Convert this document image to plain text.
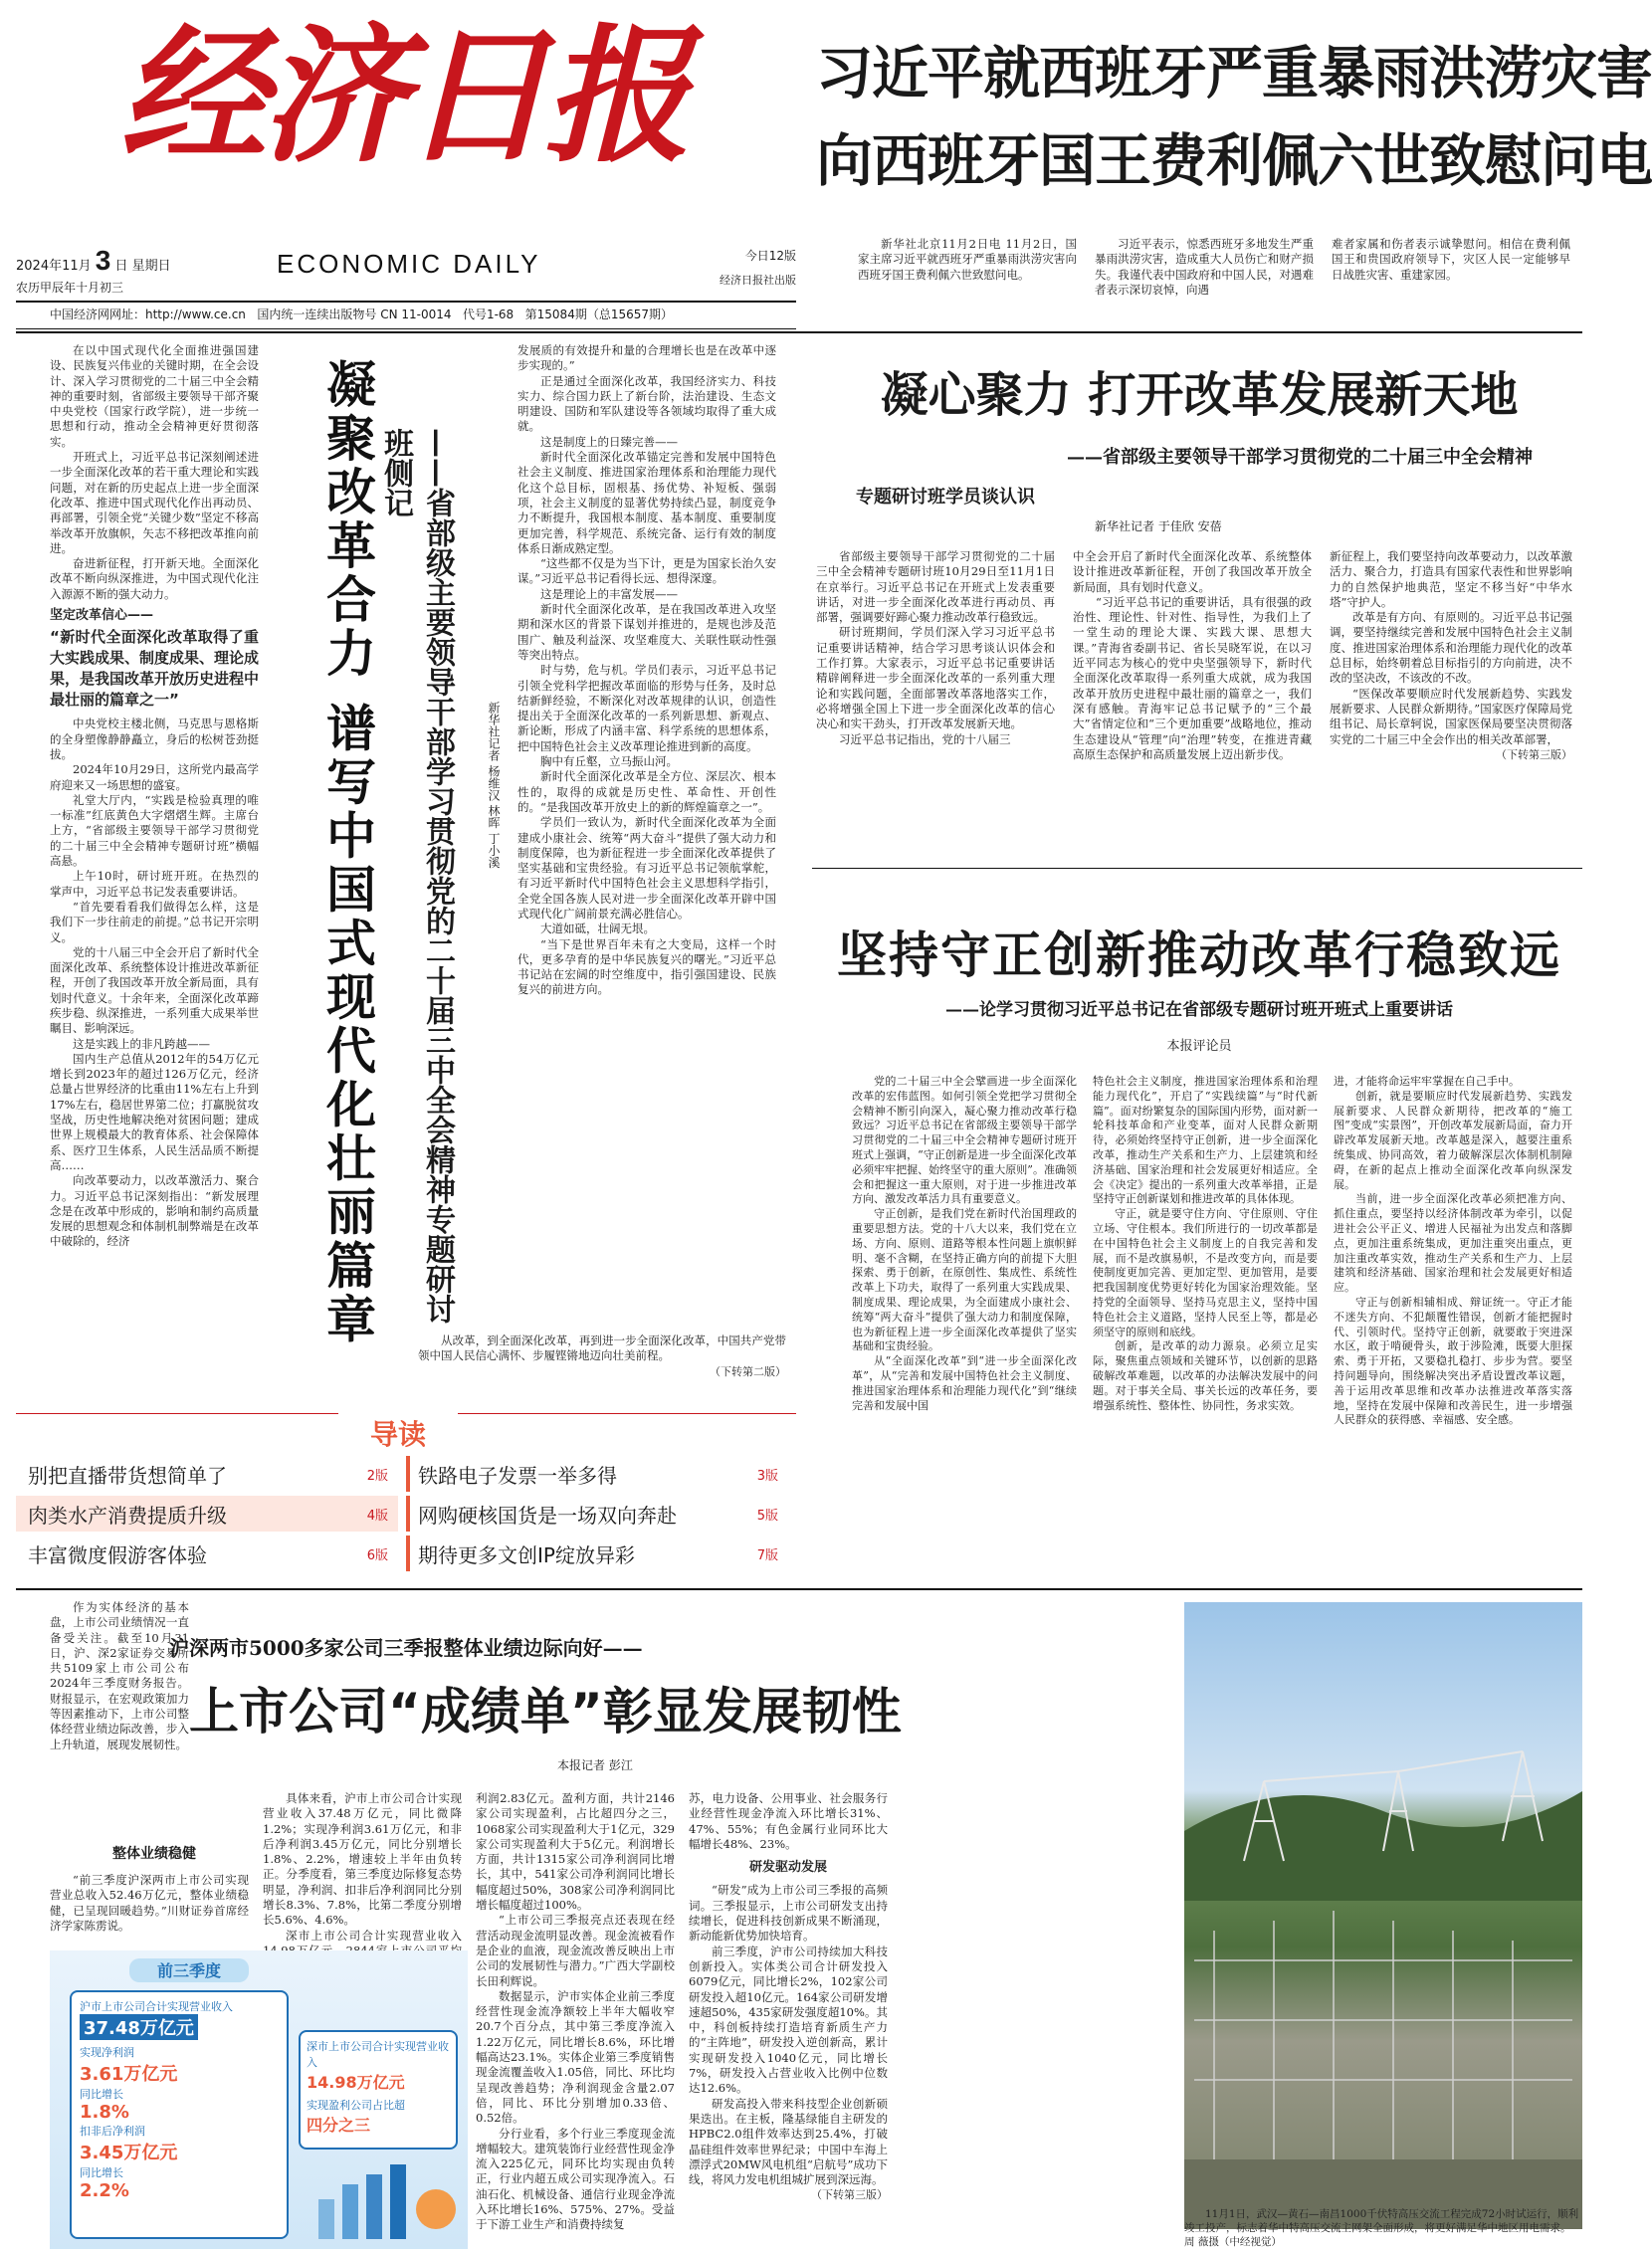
经济日报
ECONOMIC DAILY
2024年11月 3 日 星期日
农历甲辰年十月初三
今日12版
经济日报社出版
中国经济网网址：http://www.ce.cn 国内统一连续出版物号 CN 11-0014 代号1-68 第15084期（总15657期）
习近平就西班牙严重暴雨洪涝灾害
向西班牙国王费利佩六世致慰问电
新华社北京11月2日电 11月2日，国家主席习近平就西班牙严重暴雨洪涝灾害向西班牙国王费利佩六世致慰问电。
习近平表示，惊悉西班牙多地发生严重暴雨洪涝灾害，造成重大人员伤亡和财产损失。我谨代表中国政府和中国人民，对遇难者表示深切哀悼，向遇
难者家属和伤者表示诚挚慰问。相信在费利佩国王和贵国政府领导下，灾区人民一定能够早日战胜灾害、重建家园。

在以中国式现代化全面推进强国建设、民族复兴伟业的关键时期，在全会设计、深入学习贯彻党的二十届三中全会精神的重要时刻，省部级主要领导干部齐聚中央党校（国家行政学院），进一步统一思想和行动，推动全会精神更好贯彻落实。

开班式上，习近平总书记深刻阐述进一步全面深化改革的若干重大理论和实践问题，对在新的历史起点上进一步全面深化改革、推进中国式现代化作出再动员、再部署，引领全党“关键少数”坚定不移高举改革开放旗帜，矢志不移把改革推向前进。

奋进新征程，打开新天地。全面深化改革不断向纵深推进，为中国式现代化注入源源不断的强大动力。

坚定改革信心——
“新时代全面深化改革取得了重大实践成果、制度成果、理论成果，是我国改革开放历史进程中最壮丽的篇章之一”

中央党校主楼北侧，马克思与恩格斯的全身塑像静静矗立，身后的松树苍劲挺拔。

2024年10月29日，这所党内最高学府迎来又一场思想的盛宴。

礼堂大厅内，“实践是检验真理的唯一标准”红底黄色大字熠熠生辉。主席台上方，“省部级主要领导干部学习贯彻党的二十届三中全会精神专题研讨班”横幅高悬。

上午10时，研讨班开班。在热烈的掌声中，习近平总书记发表重要讲话。

“首先要看看我们做得怎么样，这是我们下一步往前走的前提。”总书记开宗明义。

党的十八届三中全会开启了新时代全面深化改革、系统整体设计推进改革新征程，开创了我国改革开放全新局面，具有划时代意义。十余年来，全面深化改革蹄疾步稳、纵深推进，一系列重大成果举世瞩目、影响深远。

这是实践上的非凡跨越——

国内生产总值从2012年的54万亿元增长到2023年的超过126万亿元，经济总量占世界经济的比重由11%左右上升到17%左右，稳居世界第二位；打赢脱贫攻坚战，历史性地解决绝对贫困问题；建成世界上规模最大的教育体系、社会保障体系、医疗卫生体系，人民生活品质不断提高……

向改革要动力，以改革激活力、聚合力。习近平总书记深刻指出：“新发展理念是在改革中形成的，影响和制约高质量发展的思想观念和体制机制弊端是在改革中破除的，经济	凝聚改革合力 谱写中国式现代化壮丽篇章	——省部级主要领导干部学习贯彻党的二十届三中全会精神专题研讨班侧记
新华社记者 杨维汉 林晖 丁小溪

发展质的有效提升和量的合理增长也是在改革中逐步实现的。”

正是通过全面深化改革，我国经济实力、科技实力、综合国力跃上了新台阶，法治建设、生态文明建设、国防和军队建设等各领域均取得了重大成就。

这是制度上的日臻完善——

新时代全面深化改革锚定完善和发展中国特色社会主义制度、推进国家治理体系和治理能力现代化这个总目标，固根基、扬优势、补短板、强弱项，社会主义制度的显著优势持续凸显，制度竞争力不断提升，我国根本制度、基本制度、重要制度更加完善，科学规范、系统完备、运行有效的制度体系日渐成熟定型。

“这些都不仅是为当下计，更是为国家长治久安谋。”习近平总书记看得长远、想得深邃。

这是理论上的丰富发展——

新时代全面深化改革，是在我国改革进入攻坚期和深水区的背景下谋划并推进的，是规也涉及范围广、触及利益深、攻坚难度大、关联性联动性强等突出特点。

时与势，危与机。学员们表示，习近平总书记引领全党科学把握改革面临的形势与任务，及时总结新鲜经验，不断深化对改革规律的认识，创造性提出关于全面深化改革的一系列新思想、新观点、新论断，形成了内涵丰富、科学系统的思想体系，把中国特色社会主义改革理论推进到新的高度。

胸中有丘壑，立马振山河。

新时代全面深化改革是全方位、深层次、根本性的，取得的成就是历史性、革命性、开创性的。“是我国改革开放史上的新的辉煌篇章之一”。

学员们一致认为，新时代全面深化改革为全面建成小康社会、统筹“两大奋斗”提供了强大动力和制度保障，也为新征程进一步全面深化改革提供了坚实基础和宝贵经验。有习近平总书记领航掌舵，有习近平新时代中国特色社会主义思想科学指引，全党全国各族人民对进一步全面深化改革开辟中国式现代化广阔前景充满必胜信心。

大道如砥，壮阔无垠。

“当下是世界百年未有之大变局，这样一个时代，更多孕育的是中华民族复兴的曙光。”习近平总书记站在宏阔的时空维度中，指引强国建设、民族复兴的前进方向。

从改革，到全面深化改革，再到进一步全面深化改革，中国共产党带领中国人民信心满怀、步履铿锵地迈向壮美前程。

（下转第二版）
导读
别把直播带货想简单了	2版 铁路电子发票一举多得	3版
肉类水产消费提质升级	4版 网购硬核国货是一场双向奔赴	5版
丰富微度假游客体验	6版 期待更多文创IP绽放异彩	7版
凝心聚力 打开改革发展新天地
——省部级主要领导干部学习贯彻党的二十届三中全会精神
专题研讨班学员谈认识
新华社记者 于佳欣 安蓓

省部级主要领导干部学习贯彻党的二十届三中全会精神专题研讨班10月29日至11月1日在京举行。习近平总书记在开班式上发表重要讲话，对进一步全面深化改革进行再动员、再部署，强调要好蹄心聚力推动改革行稳致远。

研讨班期间，学员们深入学习习近平总书记重要讲话精神，结合学习思考谈认识体会和工作打算。大家表示，习近平总书记重要讲话精辟阐释进一步全面深化改革的一系列重大理论和实践问题，全面部署改革落地落实工作，必将增强全国上下进一步全面深化改革的信心决心和实干劲头，打开改革发展新天地。

习近平总书记指出，党的十八届三

中全会开启了新时代全面深化改革、系统整体设计推进改革新征程，开创了我国改革开放全新局面，具有划时代意义。

“习近平总书记的重要讲话，具有很强的政治性、理论性、针对性、指导性，为我们上了一堂生动的理论大课、实践大课、思想大课。”青海省委副书记、省长吴晓军说，在以习近平同志为核心的党中央坚强领导下，新时代全面深化改革取得一系列重大成就，成为我国改革开放历史进程中最壮丽的篇章之一，我们深有感触。青海牢记总书记赋予的“三个最大”省情定位和“三个更加重要”战略地位，推动生态建设从“管理”向“治理”转变，在推进青藏高原生态保护和高质量发展上迈出新步伐。

新征程上，我们要坚持向改革要动力，以改革激活力、聚合力，打造具有国家代表性和世界影响力的自然保护地典范，坚定不移当好“中华水塔”守护人。

改革是有方向、有原则的。习近平总书记强调，要坚持继续完善和发展中国特色社会主义制度、推进国家治理体系和治理能力现代化的改革总目标，始终朝着总目标指引的方向前进，决不改的坚决改，不该改的不改。

“医保改革要顺应时代发展新趋势、实践发展新要求、人民群众新期待。”国家医疗保障局党组书记、局长章轲说，国家医保局要坚决贯彻落实党的二十届三中全会作出的相关改革部署，

（下转第三版）
坚持守正创新推动改革行稳致远
——论学习贯彻习近平总书记在省部级专题研讨班开班式上重要讲话
本报评论员

党的二十届三中全会擘画进一步全面深化改革的宏伟蓝图。如何引领全党把学习贯彻全会精神不断引向深入，凝心聚力推动改革行稳致远？习近平总书记在省部级主要领导干部学习贯彻党的二十届三中全会精神专题研讨班开班式上强调，“守正创新是进一步全面深化改革必须牢牢把握、始终坚守的重大原则”。准确领会和把握这一重大原则，对于进一步推进改革方向、激发改革活力具有重要意义。

守正创新，是我们党在新时代治国理政的重要思想方法。党的十八大以来，我们党在立场、方向、原则、道路等根本性问题上旗帜鲜明、毫不含糊，在坚持正确方向的前提下大胆探索、勇于创新，在原创性、集成性、系统性改革上下功夫，取得了一系列重大实践成果、制度成果、理论成果，为全面建成小康社会、统筹“两大奋斗”提供了强大动力和制度保障，也为新征程上进一步全面深化改革提供了坚实基础和宝贵经验。

从“全面深化改革”到“进一步全面深化改革”，从“完善和发展中国特色社会主义制度、推进国家治理体系和治理能力现代化”到“继续完善和发展中国

特色社会主义制度，推进国家治理体系和治理能力现代化”，开启了“实践续篇”与“时代新篇”。面对纷繁复杂的国际国内形势，面对新一轮科技革命和产业变革，面对人民群众新期待，必须始终坚持守正创新，进一步全面深化改革，推动生产关系和生产力、上层建筑和经济基础、国家治理和社会发展更好相适应。全会《决定》提出的一系列重大改革举措，正是坚持守正创新谋划和推进改革的具体体现。

守正，就是要守住方向、守住原则、守住立场、守住根本。我们所进行的一切改革都是在中国特色社会主义制度上的自我完善和发展，而不是改旗易帜，不是改变方向，而是要使制度更加完善、更加定型、更加管用，是要把我国制度优势更好转化为国家治理效能。坚持党的全面领导、坚持马克思主义，坚持中国特色社会主义道路，坚持人民至上等，都是必须坚守的原则和底线。

创新，是改革的动力源泉。必须立足实际，聚焦重点领域和关键环节，以创新的思路破解改革难题，以改革的办法解决发展中的问题。对于事关全局、事关长远的改革任务，要增强系统性、整体性、协同性，务求实效。

进，才能将命运牢牢掌握在自己手中。

创新，就是要顺应时代发展新趋势、实践发展新要求、人民群众新期待，把改革的“施工图”变成“实景图”，开创改革发展新局面，奋力开辟改革发展新天地。改革越是深入，越要注重系统集成、协同高效，着力破解深层次体制机制障碍，在新的起点上推动全面深化改革向纵深发展。

当前，进一步全面深化改革必须把准方向、抓住重点，要坚持以经济体制改革为牵引，以促进社会公平正义、增进人民福祉为出发点和落脚点，更加注重系统集成，更加注重突出重点，更加注重改革实效，推动生产关系和生产力、上层建筑和经济基础、国家治理和社会发展更好相适应。

守正与创新相辅相成、辩证统一。守正才能不迷失方向、不犯颠覆性错误，创新才能把握时代、引领时代。坚持守正创新，就要敢于突进深水区，敢于啃硬骨头，敢于涉险滩，既要大胆探索、勇于开拓，又要稳扎稳打、步步为营。要坚持问题导向，围绕解决突出矛盾设置改革议题，善于运用改革思维和改革办法推进改革落实落地，坚持在发展中保障和改善民生，进一步增强人民群众的获得感、幸福感、安全感。

作为实体经济的基本盘，上市公司业绩情况一直备受关注。截至10月31日，沪、深2家证券交易所共5109家上市公司公布2024年三季度财务报告。财报显示，在宏观政策加力等因素推动下，上市公司整体经营业绩边际改善，步入上升轨道，展现发展韧性。
沪深两市5000多家公司三季报整体业绩边际向好——
上市公司“成绩单”彰显发展韧性
本报记者 彭江
整体业绩稳健

“前三季度沪深两市上市公司实现营业总收入52.46万亿元，整体业绩稳健，已呈现回暖趋势。”川财证券首席经济学家陈雳说。

具体来看，沪市上市公司合计实现营业收入37.48万亿元，同比微降1.2%；实现净利润3.61万亿元，和非后净利润3.45万亿元，同比分别增长1.8%、2.2%，增速较上半年由负转正。分季度看，第三季度边际修复态势明显，净利润、扣非后净利润同比分别增长8.3%、7.8%，比第二季度分别增长5.6%、4.6%。

深市上市公司合计实现营业收入

利润2.83亿元。盈利方面，共计2146家公司实现盈利，占比超四分之三，1068家公司实现盈利大于1亿元，329家公司实现盈利大于5亿元。利润增长方面，共计1315家公司净利润同比增长，其中，541家公司净利润同比增长幅度超过50%，308家公司净利润同比增长幅度超过100%。

“上市公司三季报亮点还表现在经营活动现金流明显改善。现金流被看作是企业的血液，现金流改善反映出上市公司的发展韧性与潜力。”广西大学副校长田利辉说。

数据显示，沪市实体企业前三季度经营性现金流净额较上半年大幅收窄20.7个百分点，其中第三季度净流入1.22万亿元，同比增长8.6%，环比增幅高达23.1%。实体企业第三季度销售现金流覆盖收入1.05倍，同比、环比均呈现改善趋势；净利润现金含量2.07倍，同比、环比分别增加0.33倍、0.52倍。

分行业看，多个行业三季度现金流增幅较大。建筑装饰行业经营性现金净流入225亿元，同环比均实现由负转正，行业内超五成公司实现净流入。石油石化、机械设备、通信行业现金净流入环比增长16%、575%、27%。受益于下游工业生产和消费持续复

苏，电力设备、公用事业、社会服务行业经营性现金净流入环比增长31%、47%、55%；有色金属行业同环比大幅增长48%、23%。

研发驱动发展

“研发”成为上市公司三季报的高频词。三季报显示，上市公司研发支出持续增长，促进科技创新成果不断涌现，新动能新优势加快培育。

前三季度，沪市公司持续加大科技创新投入。实体类公司合计研发投入6079亿元，同比增长2%，102家公司研发投入超10亿元。164家公司研发增速超50%，435家研发强度超10%。其中，科创板持续打造培育新质生产力的“主阵地”，研发投入逆创新高，累计实现研发投入1040亿元，同比增长7%，研发投入占营业收入比例中位数达12.6%。

研发高投入带来科技型企业创新硕果迭出。在主板，隆基绿能自主研发的HPBC2.0组件效率达到25.4%，打破晶硅组件效率世界纪录；中国中车海上漂浮式20MW风电机组“启航号”成功下线，将风力发电机组城扩展到深远海。

（下转第三版）
前三季度
沪市上市公司合计实现营业收入
37.48万亿元
实现净利润
3.61万亿元
同比增长
1.8%
扣非后净利润
3.45万亿元
同比增长
2.2%
深市上市公司合计实现营业收入
14.98万亿元
实现盈利公司占比超
四分之三
11月1日，武汉—黄石—南昌1000千伏特高压交流工程完成72小时试运行，顺利竣工投产，标志着华中特高压交流主网架全面形成，将更好满足华中地区用电需求。 周 薇摄（中经视觉）
